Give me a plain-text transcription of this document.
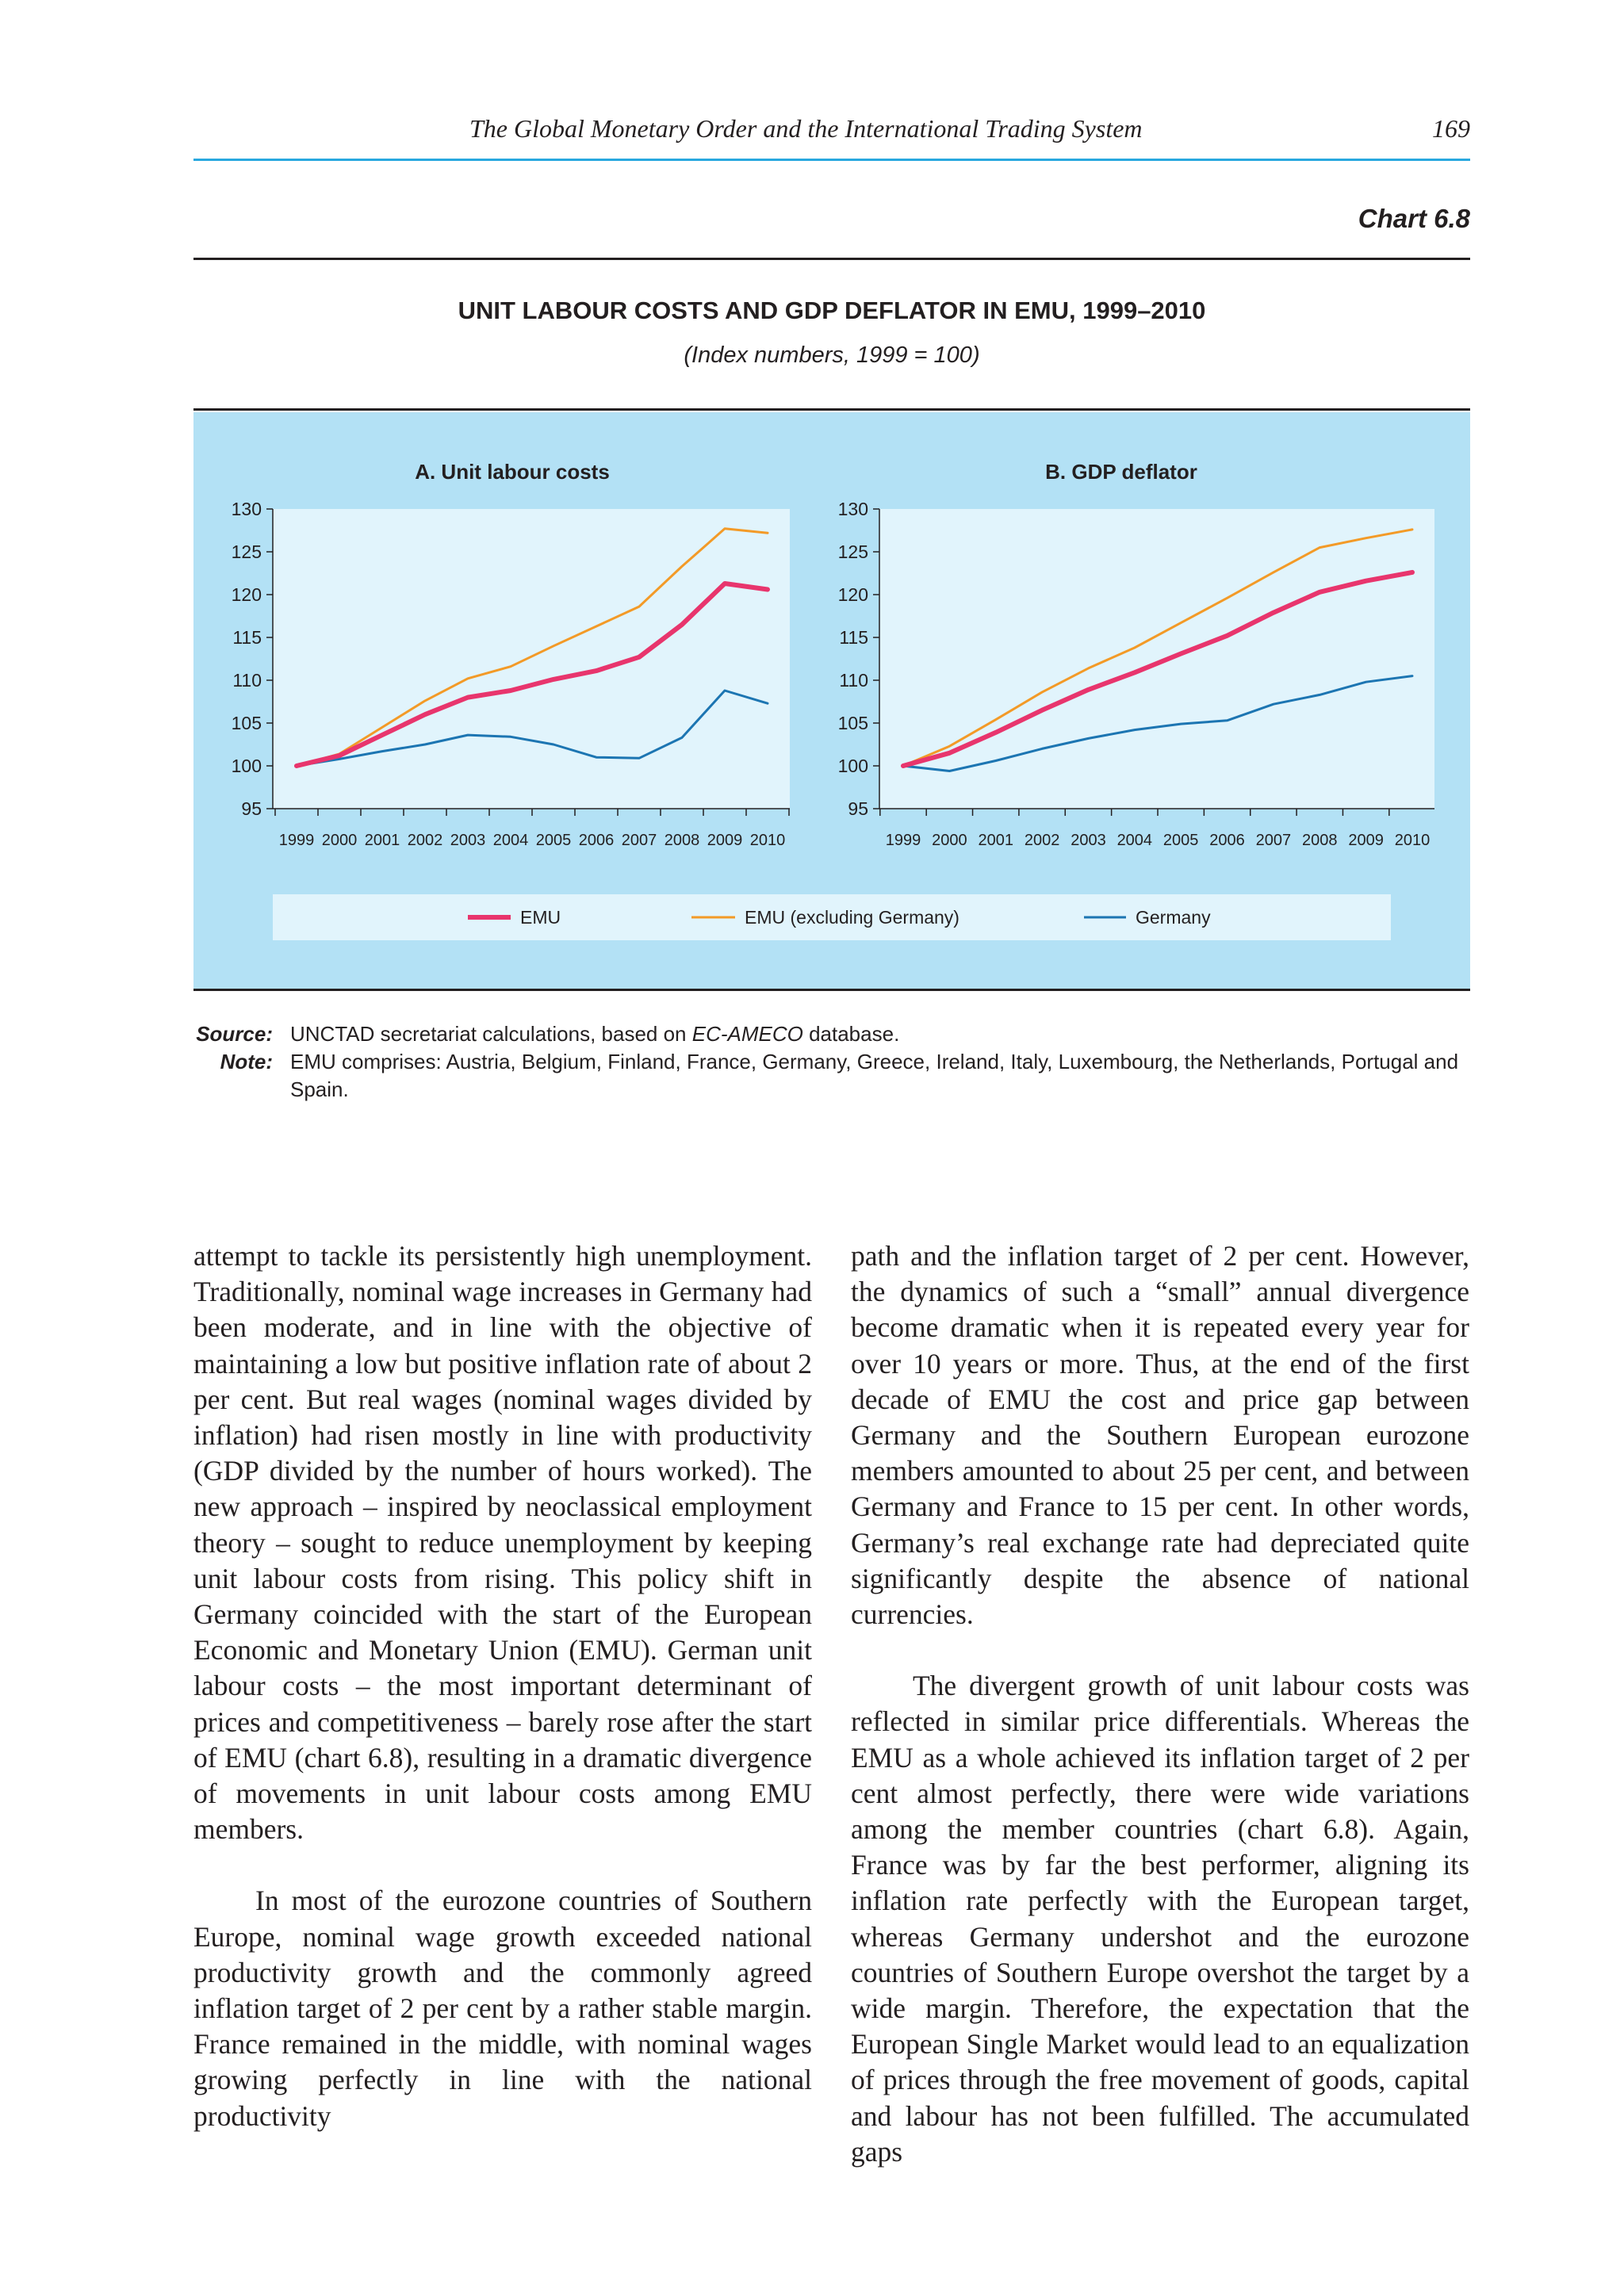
The Global Monetary Order and the International Trading System	169
Chart 6.8
UNIT LABOUR COSTS AND GDP DEFLATOR IN EMU, 1999–2010
(Index numbers, 1999 = 100)
A. Unit labour costs
95
100
105
110
115
120
125
130
1999 2000 2001 2002 2003 2004 2005 2006 2007 2008 2009 2010
B. GDP deflator
95
100
105
110
115
120
125
130
1999 2000 2001 2002 2003 2004 2005 2006 2007 2008 2009 2010
EMU	EMU (excluding Germany)	Germany
Source: UNCTAD secretariat calculations, based on EC-AMECO database.
Note: EMU comprises: Austria, Belgium, Finland, France, Germany, Greece, Ireland, Italy, Luxembourg, the Netherlands, Portugal and Spain.

attempt to tackle its persistently high unemployment. Traditionally, nominal wage increases in Germany had been moderate, and in line with the objective of maintaining a low but positive inflation rate of about 2 per cent. But real wages (nominal wages divided by inflation) had risen mostly in line with productivity (GDP divided by the number of hours worked). The new approach – inspired by neoclassical employment theory – sought to reduce unemployment by keeping unit labour costs from rising. This policy shift in Germany coincided with the start of the European Economic and Monetary Union (EMU). German unit labour costs – the most important determinant of prices and competitiveness – barely rose after the start of EMU (chart 6.8), resulting in a dramatic divergence of movements in unit labour costs among EMU members.

In most of the eurozone countries of Southern Europe, nominal wage growth exceeded national productivity growth and the commonly agreed inflation target of 2 per cent by a rather stable margin. France remained in the middle, with nominal wages growing perfectly in line with the national productivity

path and the inflation target of 2 per cent. However, the dynamics of such a “small” annual divergence become dramatic when it is repeated every year for over 10 years or more. Thus, at the end of the first decade of EMU the cost and price gap between Germany and the Southern European eurozone members amounted to about 25 per cent, and between Germany and France to 15 per cent. In other words, Germany’s real exchange rate had depreciated quite significantly despite the absence of national currencies.

The divergent growth of unit labour costs was reflected in similar price differentials. Whereas the EMU as a whole achieved its inflation target of 2 per cent almost perfectly, there were wide variations among the member countries (chart 6.8). Again, France was by far the best performer, aligning its inflation rate perfectly with the European target, whereas Germany undershot and the eurozone countries of Southern Europe overshot the target by a wide margin. Therefore, the expectation that the European Single Market would lead to an equalization of prices through the free movement of goods, capital and labour has not been fulfilled. The accumulated gaps
